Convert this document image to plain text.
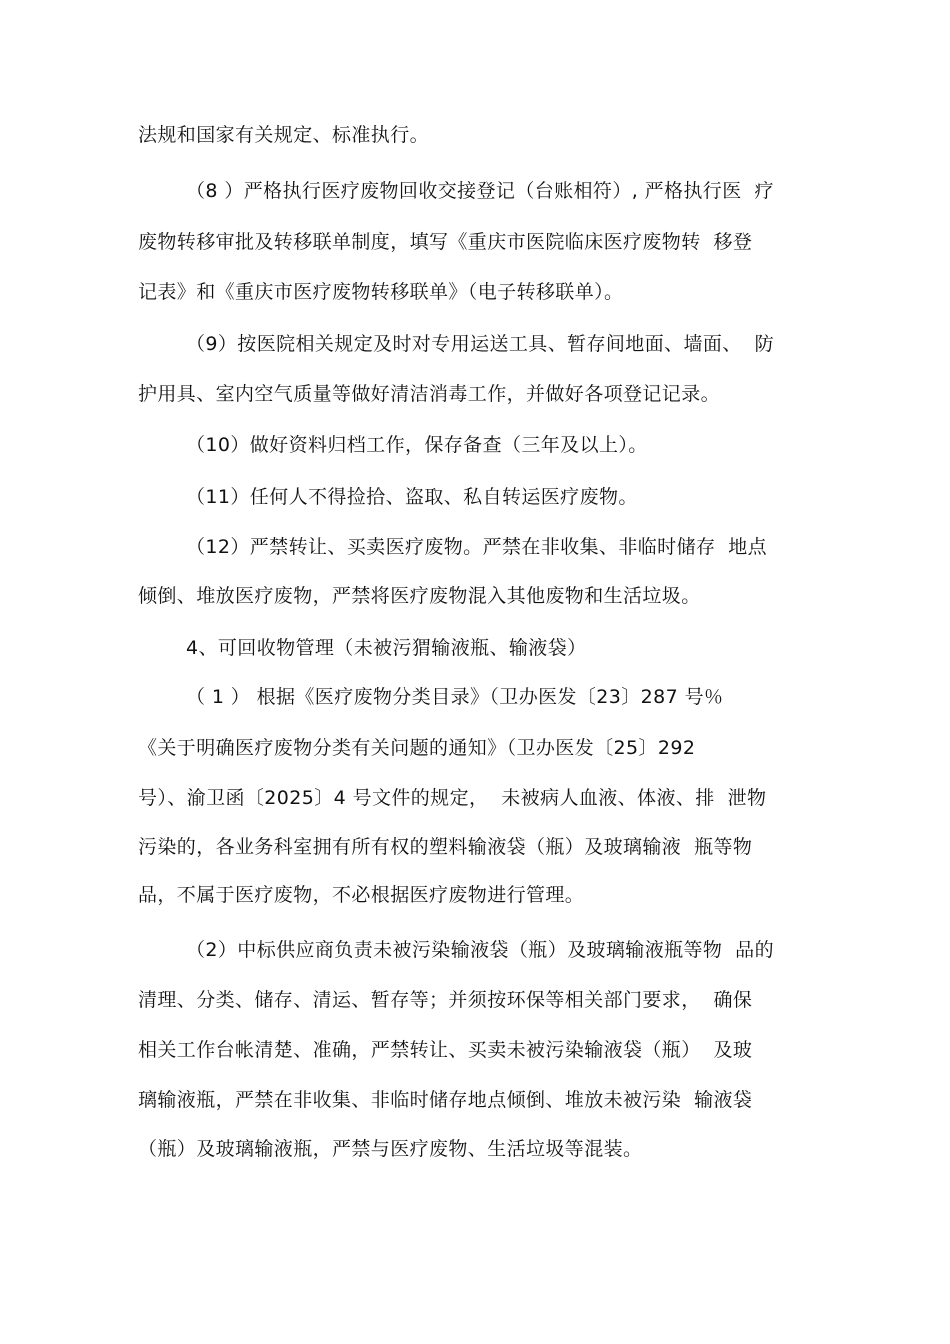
法规和国家有关规定、标准执行。

（8 ）严格执行医疗废物回收交接登记（台账相符）, 严格执行医  疗

废物转移审批及转移联单制度，填写《重庆市医院临床医疗废物转  移登

记表》和《重庆市医疗废物转移联单》（电子转移联单）。

（9）按医院相关规定及时对专用运送工具、暂存间地面、墙面、  防

护用具、室内空气质量等做好清洁消毒工作，并做好各项登记记录。

（10）做好资料归档工作，保存备查（三年及以上）。

（11）任何人不得捡拾、盗取、私自转运医疗废物。

（12）严禁转让、买卖医疗废物。严禁在非收集、非临时储存  地点

倾倒、堆放医疗废物，严禁将医疗废物混入其他废物和生活垃圾。

4、可回收物管理（未被污猬输液瓶、输液袋）

（ 1 ） 根据《医疗废物分类目录》（卫办医发〔23〕287 号％

《关于明确医疗废物分类有关问题的通知》（卫办医发〔25〕292

号）、渝卫函〔2025〕4 号文件的规定，  未被病人血液、体液、排  泄物

污染的，各业务科室拥有所有权的塑料输液袋（瓶）及玻璃输液  瓶等物

品，不属于医疗废物，不必根据医疗废物进行管理。

（2）中标供应商负责未被污染输液袋（瓶）及玻璃输液瓶等物  品的

清理、分类、储存、清运、暂存等；并须按环保等相关部门要求，  确保

相关工作台帐清楚、准确，严禁转让、买卖未被污染输液袋（瓶）  及玻

璃输液瓶，严禁在非收集、非临时储存地点倾倒、堆放未被污染  输液袋

（瓶）及玻璃输液瓶，严禁与医疗废物、生活垃圾等混装。
